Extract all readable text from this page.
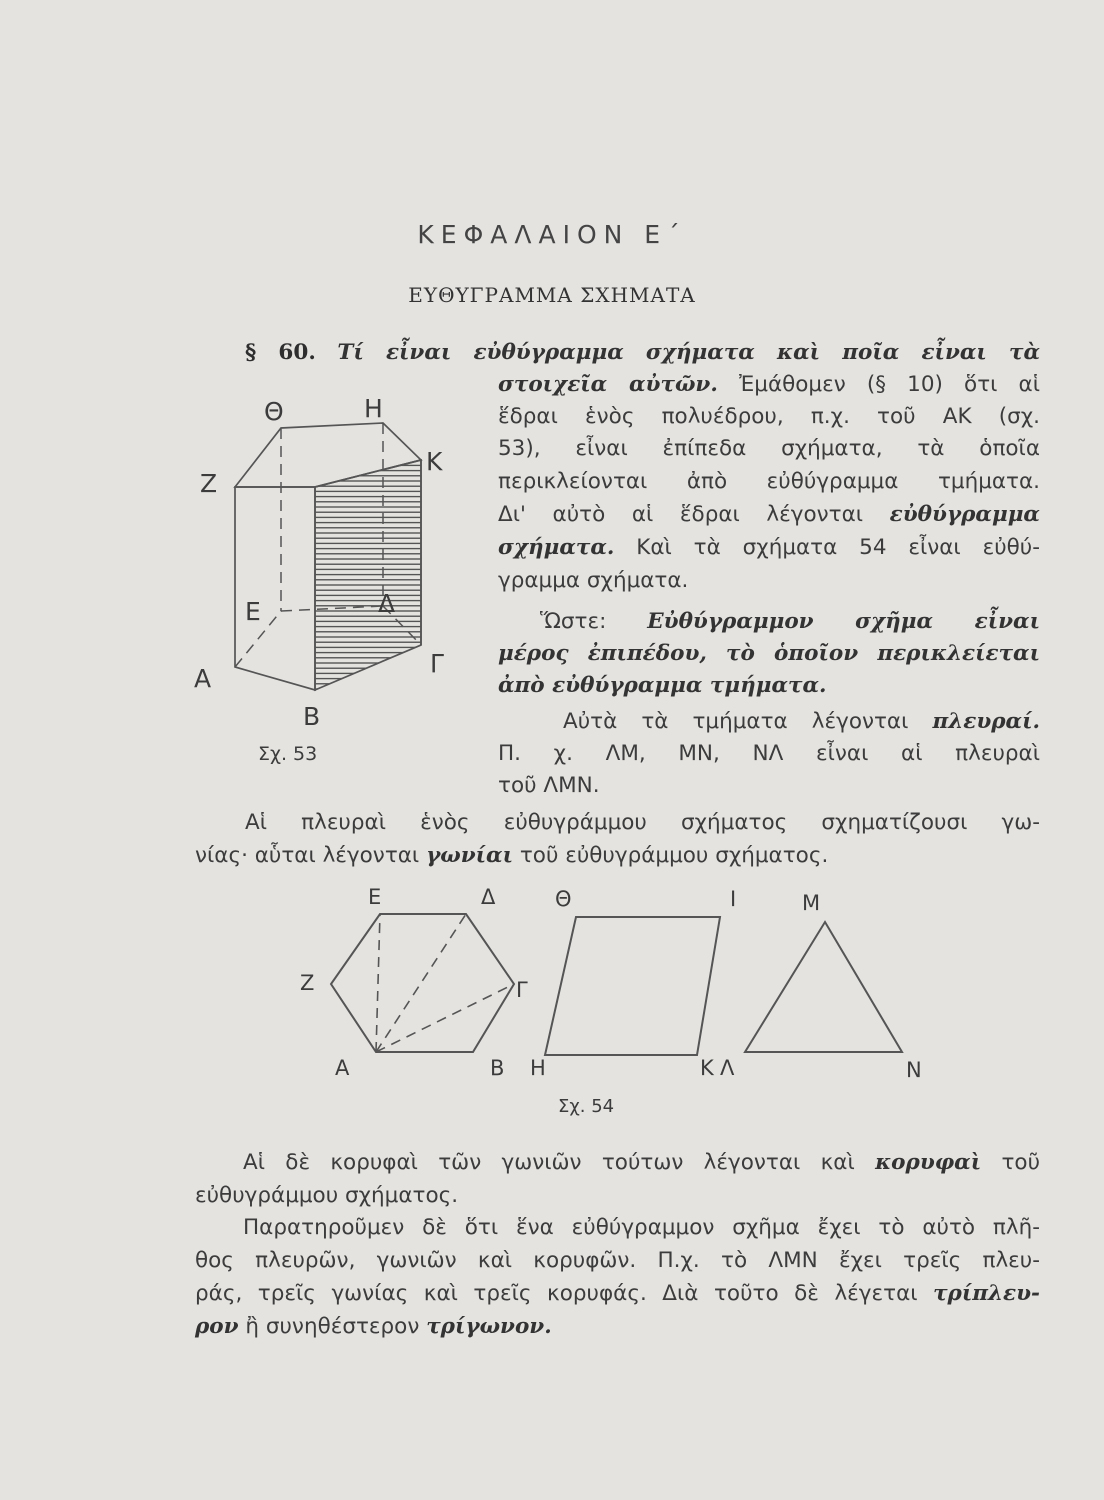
ΚΕΦΑΛΑΙΟΝ Ε΄
ΕΥΘΥΓΡΑΜΜΑ ΣΧΗΜΑΤΑ
§ 60. Τί εἶναι εὐθύγραμμα σχήματα καὶ ποῖα εἶναι τὰ
στοιχεῖα αὐτῶν. Ἐμάθομεν (§ 10) ὅτι αἱ
ἕδραι ἑνὸς πολυέδρου, π.χ. τοῦ ΑΚ (σχ.
53), εἶναι ἐπίπεδα σχήματα, τὰ ὁποῖα
περικλείονται ἀπὸ εὐθύγραμμα τμήματα.
Δι' αὐτὸ αἱ ἕδραι λέγονται εὐθύγραμμα
σχήματα. Καὶ τὰ σχήματα 54 εἶναι εὐθύ-
γραμμα σχήματα.
Ὥστε: Εὐθύγραμμον σχῆμα εἶναι
μέρος ἐπιπέδου, τὸ ὁποῖον περικλείεται
ἀπὸ εὐθύγραμμα τμήματα.
Αὐτὰ τὰ τμήματα λέγονται πλευραί.
Π. χ. ΛΜ, ΜΝ, ΝΛ εἶναι αἱ πλευραὶ
τοῦ ΛΜΝ.
Αἱ πλευραὶ ἑνὸς εὐθυγράμμου σχήματος σχηματίζουσι γω-
νίας· αὗται λέγονται γωνίαι τοῦ εὐθυγράμμου σχήματος.
Θ	Η
Κ
Ζ
Ε	Δ
Α
Γ
Β
Σχ. 53
Ε	Δ
Ζ	Γ
Α	Β
Θ
Η
Ι
Κ Λ
Μ
Ν
Σχ. 54
Αἱ δὲ κορυφαὶ τῶν γωνιῶν τούτων λέγονται καὶ κορυφαὶ τοῦ
εὐθυγράμμου σχήματος.
Παρατηροῦμεν δὲ ὅτι ἕνα εὐθύγραμμον σχῆμα ἔχει τὸ αὐτὸ πλῆ-
θος πλευρῶν, γωνιῶν καὶ κορυφῶν. Π.χ. τὸ ΛΜΝ ἔχει τρεῖς πλευ-
ράς, τρεῖς γωνίας καὶ τρεῖς κορυφάς. Διὰ τοῦτο δὲ λέγεται τρίπλευ-
ρον ἢ συνηθέστερον τρίγωνον.
